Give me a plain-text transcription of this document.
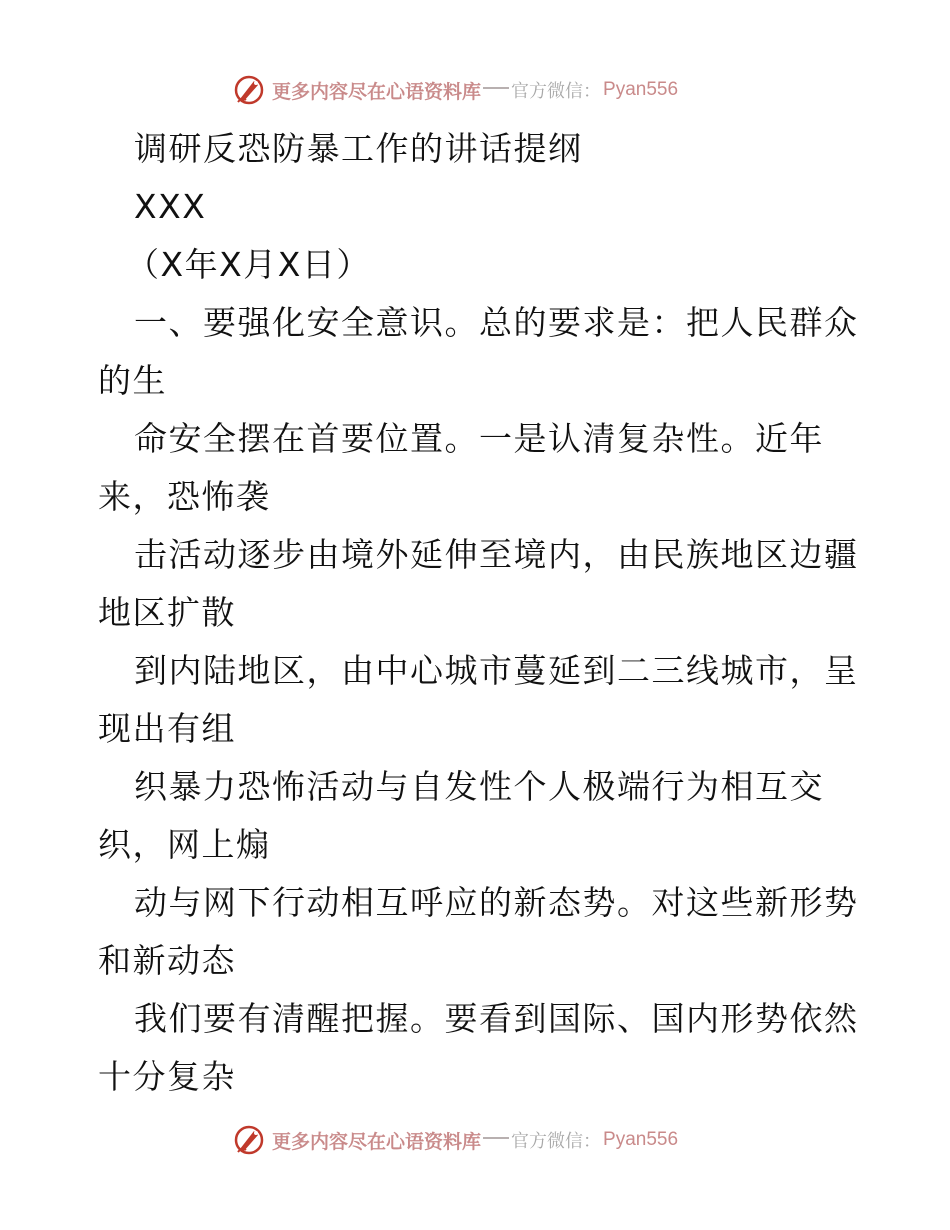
更多内容尽在心语资料库 官方微信： Pyan556
调研反恐防暴工作的讲话提纲
XXX
（X年X月X日）
一、要强化安全意识。总的要求是：把人民群众
的生
命安全摆在首要位置。一是认清复杂性。近年
来，恐怖袭
击活动逐步由境外延伸至境内，由民族地区边疆
地区扩散
到内陆地区，由中心城市蔓延到二三线城市，呈
现出有组
织暴力恐怖活动与自发性个人极端行为相互交
织，网上煽
动与网下行动相互呼应的新态势。对这些新形势
和新动态
我们要有清醒把握。要看到国际、国内形势依然
十分复杂
更多内容尽在心语资料库 官方微信： Pyan556
